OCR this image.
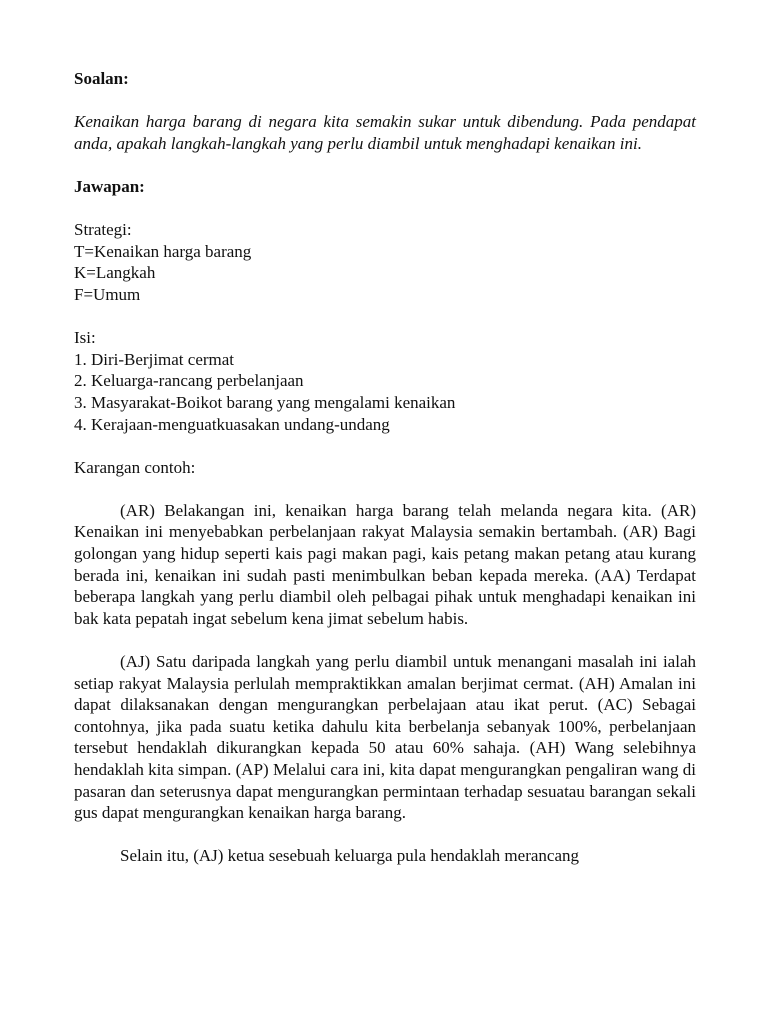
Soalan:
Kenaikan harga barang di negara kita semakin sukar untuk dibendung. Pada pendapat anda, apakah langkah-langkah yang perlu diambil untuk menghadapi kenaikan ini.
Jawapan:
Strategi:
T=Kenaikan harga barang
K=Langkah
F=Umum
Isi:
1. Diri-Berjimat cermat
2. Keluarga-rancang perbelanjaan
3. Masyarakat-Boikot barang yang mengalami kenaikan
4. Kerajaan-menguatkuasakan undang-undang
Karangan contoh:
(AR) Belakangan ini, kenaikan harga barang telah melanda negara kita. (AR) Kenaikan ini menyebabkan perbelanjaan rakyat Malaysia semakin bertambah. (AR) Bagi golongan yang hidup seperti kais pagi makan pagi, kais petang makan petang atau kurang berada ini, kenaikan ini sudah pasti menimbulkan beban kepada mereka. (AA) Terdapat beberapa langkah yang perlu diambil oleh pelbagai pihak untuk menghadapi kenaikan ini bak kata pepatah ingat sebelum kena jimat sebelum habis.
(AJ) Satu daripada langkah yang perlu diambil untuk menangani masalah ini ialah setiap rakyat Malaysia perlulah mempraktikkan amalan berjimat cermat. (AH) Amalan ini dapat dilaksanakan dengan mengurangkan perbelajaan atau ikat perut. (AC) Sebagai contohnya, jika pada suatu ketika dahulu kita berbelanja sebanyak 100%, perbelanjaan tersebut hendaklah dikurangkan kepada 50 atau 60% sahaja. (AH) Wang selebihnya hendaklah kita simpan. (AP) Melalui cara ini, kita dapat mengurangkan pengaliran wang di pasaran dan seterusnya dapat mengurangkan permintaan terhadap sesuatau barangan sekali gus dapat mengurangkan kenaikan harga barang.
Selain itu, (AJ) ketua sesebuah keluarga pula hendaklah merancang
